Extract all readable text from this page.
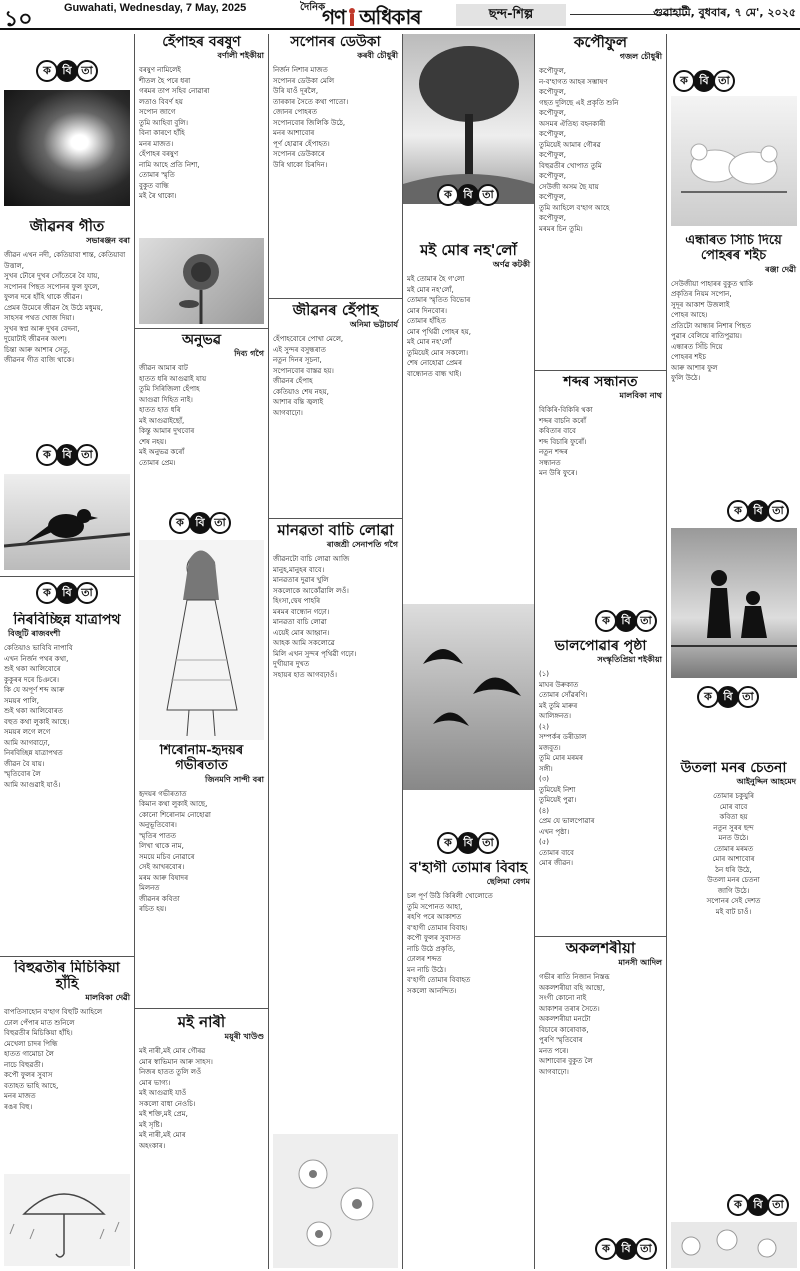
১০	Guwahati, Wednesday, 7 May, 2025	দৈনিক
গণ অধিকাৰ	ছন্দ-শিল্প	গুৱাহাটী, বুধবাৰ, ৭ মে', ২০২৫
ক	বি তা
জীৱনৰ গীত
সভাৰঞ্জন বৰা
জীৱন এখন নদী, কেতিয়াবা শান্ত, কেতিয়াবা উত্তাল,
সুখৰ ঢৌৰে দুখৰ সোঁতেৰে বৈ যায়,
সপোনৰ পিছত সপোনৰ ফুল ফুলে,
ফুলৰ দৰে হাঁহি থাকে জীৱন।
প্ৰেমৰ উমেৰে জীৱন হৈ উঠে মধুময়,
সাহসৰ পথত খোজ দিয়া।
সুখৰ স্বপ্ন আৰু দুখৰ বেদনা,
দুয়োটাই জীৱনৰ অংশ।
চিন্তা আৰু আশাৰ সেতু,
জীৱনৰ গীত বাজি থাকে।
ক	বি তা
ক	বি তা
নিৰবিচ্ছিন্ন যাত্ৰাপথ
বিজুটি ৰাজবংশী
কেতিয়াও ভাবিবি নাপাবি
এখন নিৰ্জন পথৰ কথা,
শুই থকা আলিবোৰে
কুকুৰৰ দৰে চিঞৰে।
কি যে অপূৰ্ণ শব্দ আৰু
সময়ৰ পালি,
শুই থকা আলিবোৰত
বহুত কথা লুকাই আছে।
সময়ৰ লগে লগে
আমি আগবাঢ়ো,
নিৰবিচ্ছিন্ন যাত্ৰাপথত
জীৱন বৈ যায়।
স্মৃতিবোৰ লৈ
আমি আগুৱাই যাওঁ।
বিহুৱতীৰ মিচিকিয়া হাঁহি
মালবিকা দেৱী
বাপতিসাহোন ব'হাগ বিহুটি আহিলে
ঢোল পেঁপাৰ মাত শুনিলে
বিহুৱতীৰ মিচিকিয়া হাঁহি।
মেখেলা চাদৰ পিন্ধি
হাতত গামোচা লৈ
নাচে বিহুৱতী।
কপৌ ফুলৰ সুবাস
বতাহত ভাহি আহে,
মনৰ মাজত
ৰঙৰ বিহু।
হেঁপাহৰ বৰষুণ
বৰ্ণালী শইকীয়া
বৰষুণ নামিলেই
শীতল হৈ পৰে ধৰা
গৰমৰ তাপ সহিব নোৱাৰা
লতাও বিবৰ্ণ হয়
সপোন জাগে
তুমি আহিবা বুলি।
বিনা কাৰণে হাঁহি
মনৰ মাজত।
হেঁপাহৰ বৰষুণ
নামি আহে প্ৰতি নিশা,
তোমাৰ স্মৃতি
বুকুত বান্ধি
মই ৰৈ থাকো।
অনুভৱ
দিব্য গগৈ
জীৱন আমাৰ বাট
হাতত ধৰি আগুৱাই যায়
তুমি সিৰিজিলা হেঁপাহ
আগুৱা দিহিত নাই।
হাতত হাত ধৰি
মই আগুৱাইছোঁ,
কিন্তু আমাৰ দুখবোৰ
শেষ নহয়।
মই অনুভৱ কৰোঁ
তোমাৰ প্ৰেম।
ক	বি তা
শিৰোনাম-হৃদয়ৰ গভীৰতাত
জিনমণি সান্দী বৰা
হৃদয়ৰ গভীৰতাত
কিমান কথা লুকাই আছে,
কোনো শিৰোনাম নোহোৱা
অনুভূতিবোৰ।
স্মৃতিৰ পাতত
লিখা থাকে নাম,
সময়ে মচিব নোৱাৰে
সেই আখৰবোৰ।
মৰম আৰু বিষাদৰ
মিলনত
জীৱনৰ কবিতা
ৰচিত হয়।
মই নাৰী
ময়ূৰী খাউণ্ড
মই নাৰী,মই মোৰ গৌৰৱ
মোৰ স্বাভিমান আৰু সাহস।
নিজৰ হাতত তুলি লওঁ
মোৰ ভাগ্য।
মই আগুৱাই যাওঁ
সকলো বাধা নেওচি।
মই শক্তি,মই প্ৰেম,
মই সৃষ্টি।
মই নাৰী,মই মোৰ
অহংকাৰ।
সপোনৰ ডেউকা
কৰবী চৌধুৰী
নিৰ্জন নিশাৰ মাজত
সপোনৰ ডেউকা মেলি
উৰি যাওঁ দূৰলৈ,
তাৰকাৰ সৈতে কথা পাতো।
জোনৰ পোহৰত
সপোনবোৰ জিলিকি উঠে,
মনৰ আশাবোৰ
পূৰ্ণ হোৱাৰ হেঁপাহত।
সপোনৰ ডেউকাৰে
উৰি থাকো চিৰদিন।
জীৱনৰ হেঁপাহ
অনিমা ভট্টাচাৰ্য
হেঁপাহবোৰে পোখা মেলে,
এই সুন্দৰ বসুন্ধৰাত
নতুন দিনৰ সূচনা,
সপোনবোৰ বাস্তৱ হয়।
জীৱনৰ হেঁপাহ
কেতিয়াও শেষ নহয়,
আশাৰ বন্তি জ্বলাই
আগবাঢ়ো।
মানৱতা বাচি লোৱা
ৰাজশ্ৰী সেনাপতি গগৈ
জীৱনটো বাচি লোৱা আজি
মানুহ,মানুহৰ বাবে।
মানৱতাৰ দুৱাৰ খুলি
সকলোকে আকোঁৱালি লওঁ।
হিংসা,দ্বেষ পাহৰি
মৰমৰ বান্ধোন গঢ়ো।
মানৱতা বাচি লোৱা
এয়েই মোৰ আহ্বান।
আহক আমি সকলোৱে
মিলি এখন সুন্দৰ পৃথিৱী গঢ়ো।
দুখীয়াৰ দুখত
সহায়ৰ হাত আগবঢ়াওঁ।
ক	বি তা
মই মোৰ নহ'লোঁ
অৰ্ণৱ কটকী
মই তোমাৰ হৈ গ'লো
মই মোৰ নহ'লোঁ,
তোমাৰ স্মৃতিত বিভোৰ
মোৰ দিনবোৰ।
তোমাৰ হাঁহিত
মোৰ পৃথিৱী পোহৰ হয়,
মই মোৰ নহ'লোঁ
তুমিয়েই মোৰ সকলো।
শেষ নোহোৱা প্ৰেমৰ
বান্ধোনত বান্ধ খাই।
ক	বি তা
ব'হাগী তোমাৰ বিবাহ
ছেলিমা বেগম
চল পূৰ্ণ উঠি কিৰিলী খোলোতে
তুমি সপোনত আহা,
ৰহণি পৰে আকাশত
ব'হাগী তোমাৰ বিবাহ।
কপৌ ফুলৰ সুবাসত
নাচি উঠে প্ৰকৃতি,
ঢোলৰ শব্দত
মন নাচি উঠে।
ব'হাগী তোমাৰ বিবাহত
সকলো আনন্দিত।
কপৌফুল
গজল চৌধুৰী
কপৌফুল,
ন-ব'হাগত আহৰ সম্ভাষণ
কপৌফুল,
গছত দুলিছে এই প্ৰকৃতি শুনি
কপৌফুল,
অসমৰ ঐতিহ্য বহনকাৰী
কপৌফুল,
তুমিয়েই আমাৰ গৌৰৱ
কপৌফুল,
বিহুৱতীৰ খোপাত তুমি
কপৌফুল,
সেউজী অসম ছৈ যায়
কপৌফুল,
তুমি আহিলে ব'হাগ আহে
কপৌফুল,
মৰমৰ চিন তুমি।
শব্দৰ সন্ধানত
মালবিকা নাথ
বিকিৰি-বিকিৰি থকা
শব্দৰ বাচনি কৰোঁ
কবিতাৰ বাবে
শব্দ বিচাৰি ফুৰোঁ।
নতুন শব্দৰ
সন্ধানত
মন উৰি ফুৰে।
ক	বি তা
ভালপোৱাৰ পৃষ্ঠা
সংস্কৃতিপ্ৰিয়া শইকীয়া
(১)
মাঘৰ উৰুকাত
তোমাৰ সোঁৱৰণি।
মই তুমি মাৰুৰ
আলিঙ্গনত।
(২)
সম্পৰ্কৰ ডৰীডাল
মজবুত।
তুমি মোৰ মৰমৰ
সঙ্গী।
(৩)
তুমিয়েই নিশা
তুমিয়েই পুৱা।
(৪)
প্ৰেম যে ভালপোৱাৰ
এখন পৃষ্ঠা।
(৫)
তোমাৰ বাবে
মোৰ জীৱন।
অকলশৰীয়া
মানসী আদিল
গভীৰ ৰাতি নিজান নিস্তব্ধ
অকলশৰীয়া বহি আছো,
সংগী কোনো নাই
আকাশৰ তৰাৰ সৈতে।
অকলশৰীয়া মনটো
বিচাৰে কাৰোবাক,
পুৰণি স্মৃতিবোৰ
মনত পৰে।
আশাবোৰ বুকুত লৈ
আগবাঢ়ো।
ক	বি তা
ক	বি তা
এন্ধাৰত সিঁচি দিয়ে পোহৰৰ শইচ
ৰঞ্জা দেৱী
সেউজীয়া পাহাৰৰ বুকুত থাকি
প্ৰকৃতিৰ নিয়ম সপোন,
সুদূৰ আকাশ উজলাই
পোহৰ আহে।
প্ৰতিটো আন্ধাৰ নিশাৰ পিছত
পুৱাৰ বেলিয়ে ৰাতিপুৱায়।
এন্ধাৰত সিঁচি দিয়ে
পোহৰৰ শইচ
আৰু আশাৰ ফুল
ফুলি উঠে।
ক	বি তা
ক	বি তা
উতলা মনৰ চেতনা
আইনুদ্দিন আহমেদ
তোমাৰ চকুযুৰি
মোৰ বাবে
কবিতা হয়
নতুন সুৰৰ ছন্দ
মনত উঠে।
তোমাৰ মৰমত
মোৰ আশাবোৰ
ঠন ধৰি উঠে,
উতলা মনৰ চেতনা
জাগি উঠে।
সপোনৰ সেই দেশত
মই বাট চাওঁ।
ক	বি তা
